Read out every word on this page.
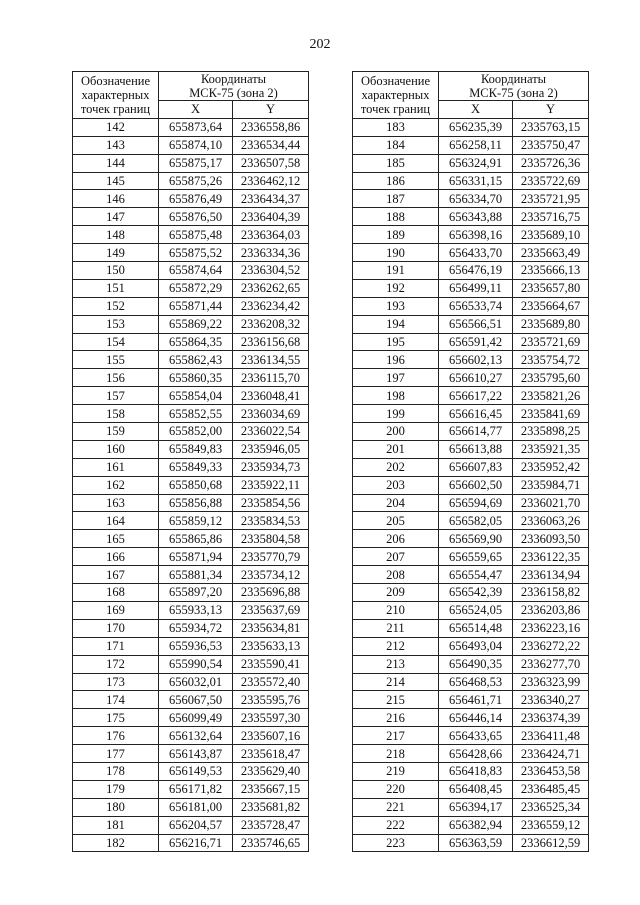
202
Обозначение
характерных
точек границ	Координаты
МСК-75 (зона 2)	
	X	Y
142	655873,64	2336558,86
143	655874,10	2336534,44
144	655875,17	2336507,58
145	655875,26	2336462,12
146	655876,49	2336434,37
147	655876,50	2336404,39
148	655875,48	2336364,03
149	655875,52	2336334,36
150	655874,64	2336304,52
151	655872,29	2336262,65
152	655871,44	2336234,42
153	655869,22	2336208,32
154	655864,35	2336156,68
155	655862,43	2336134,55
156	655860,35	2336115,70
157	655854,04	2336048,41
158	655852,55	2336034,69
159	655852,00	2336022,54
160	655849,83	2335946,05
161	655849,33	2335934,73
162	655850,68	2335922,11
163	655856,88	2335854,56
164	655859,12	2335834,53
165	655865,86	2335804,58
166	655871,94	2335770,79
167	655881,34	2335734,12
168	655897,20	2335696,88
169	655933,13	2335637,69
170	655934,72	2335634,81
171	655936,53	2335633,13
172	655990,54	2335590,41
173	656032,01	2335572,40
174	656067,50	2335595,76
175	656099,49	2335597,30
176	656132,64	2335607,16
177	656143,87	2335618,47
178	656149,53	2335629,40
179	656171,82	2335667,15
180	656181,00	2335681,82
181	656204,57	2335728,47
182	656216,71	2335746,65
Обозначение
характерных
точек границ	Координаты
МСК-75 (зона 2)	
	X	Y
183	656235,39	2335763,15
184	656258,11	2335750,47
185	656324,91	2335726,36
186	656331,15	2335722,69
187	656334,70	2335721,95
188	656343,88	2335716,75
189	656398,16	2335689,10
190	656433,70	2335663,49
191	656476,19	2335666,13
192	656499,11	2335657,80
193	656533,74	2335664,67
194	656566,51	2335689,80
195	656591,42	2335721,69
196	656602,13	2335754,72
197	656610,27	2335795,60
198	656617,22	2335821,26
199	656616,45	2335841,69
200	656614,77	2335898,25
201	656613,88	2335921,35
202	656607,83	2335952,42
203	656602,50	2335984,71
204	656594,69	2336021,70
205	656582,05	2336063,26
206	656569,90	2336093,50
207	656559,65	2336122,35
208	656554,47	2336134,94
209	656542,39	2336158,82
210	656524,05	2336203,86
211	656514,48	2336223,16
212	656493,04	2336272,22
213	656490,35	2336277,70
214	656468,53	2336323,99
215	656461,71	2336340,27
216	656446,14	2336374,39
217	656433,65	2336411,48
218	656428,66	2336424,71
219	656418,83	2336453,58
220	656408,45	2336485,45
221	656394,17	2336525,34
222	656382,94	2336559,12
223	656363,59	2336612,59
